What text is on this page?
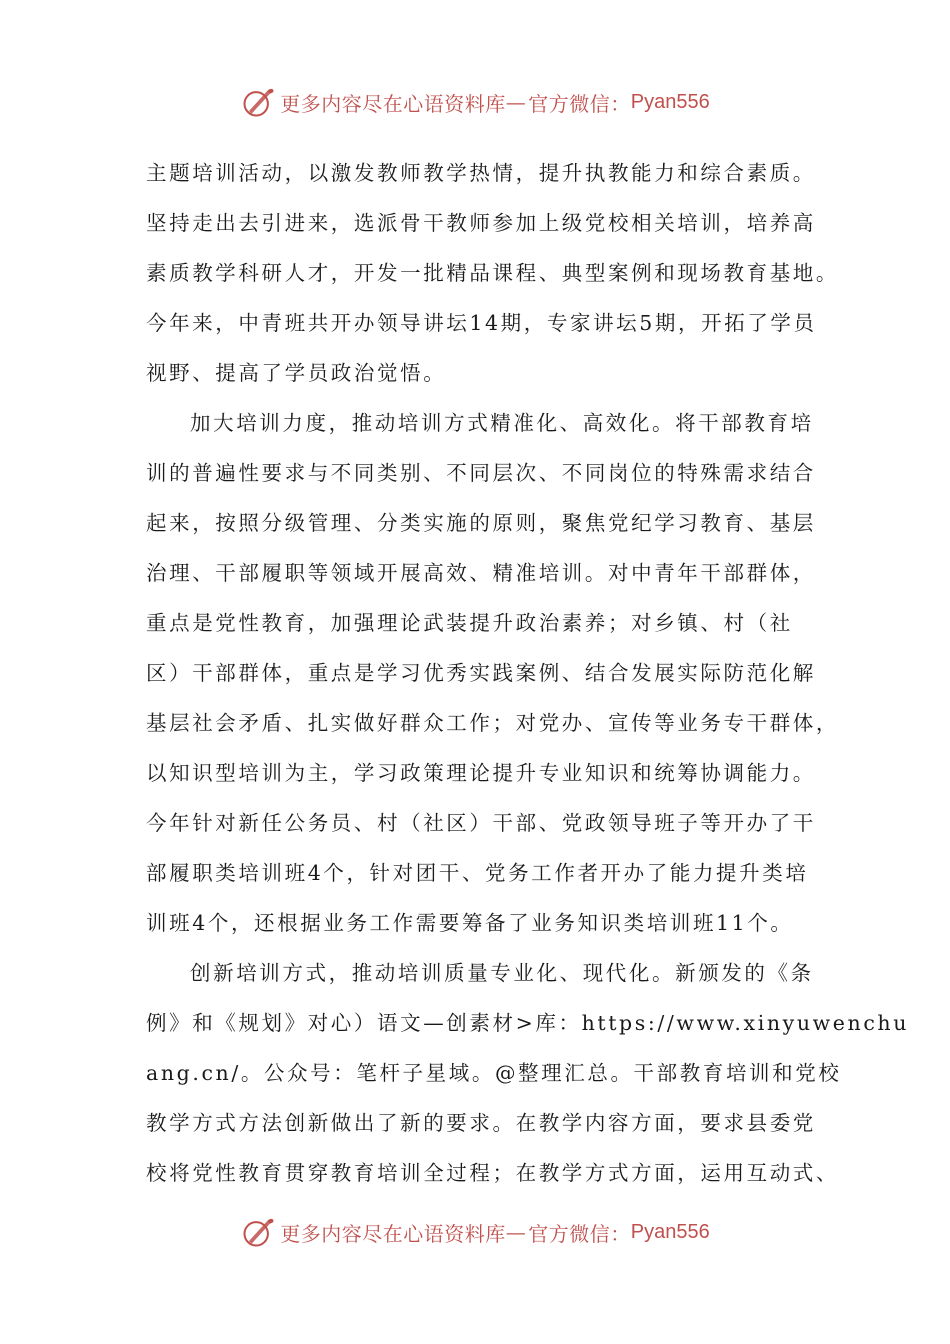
更多内容尽在心语资料库 — 官方微信： Pyan556
主题培训活动，以激发教师教学热情，提升执教能力和综合素质。
坚持走出去引进来，选派骨干教师参加上级党校相关培训，培养高
素质教学科研人才，开发一批精品课程、典型案例和现场教育基地。
今年来，中青班共开办领导讲坛14期，专家讲坛5期，开拓了学员
视野、提高了学员政治觉悟。
加大培训力度，推动培训方式精准化、高效化。将干部教育培
训的普遍性要求与不同类别、不同层次、不同岗位的特殊需求结合
起来，按照分级管理、分类实施的原则，聚焦党纪学习教育、基层
治理、干部履职等领域开展高效、精准培训。对中青年干部群体，
重点是党性教育，加强理论武装提升政治素养；对乡镇、村（社
区）干部群体，重点是学习优秀实践案例、结合发展实际防范化解
基层社会矛盾、扎实做好群众工作；对党办、宣传等业务专干群体，
以知识型培训为主，学习政策理论提升专业知识和统筹协调能力。
今年针对新任公务员、村（社区）干部、党政领导班子等开办了干
部履职类培训班4个，针对团干、党务工作者开办了能力提升类培
训班4个，还根据业务工作需要筹备了业务知识类培训班11个。
创新培训方式，推动培训质量专业化、现代化。新颁发的《条
例》和《规划》对心）语文—创素材>库：https://www.xinyuwenchu
ang.cn/。公众号：笔杆子星域。@整理汇总。干部教育培训和党校
教学方式方法创新做出了新的要求。在教学内容方面，要求县委党
校将党性教育贯穿教育培训全过程；在教学方式方面，运用互动式、
更多内容尽在心语资料库 — 官方微信： Pyan556
